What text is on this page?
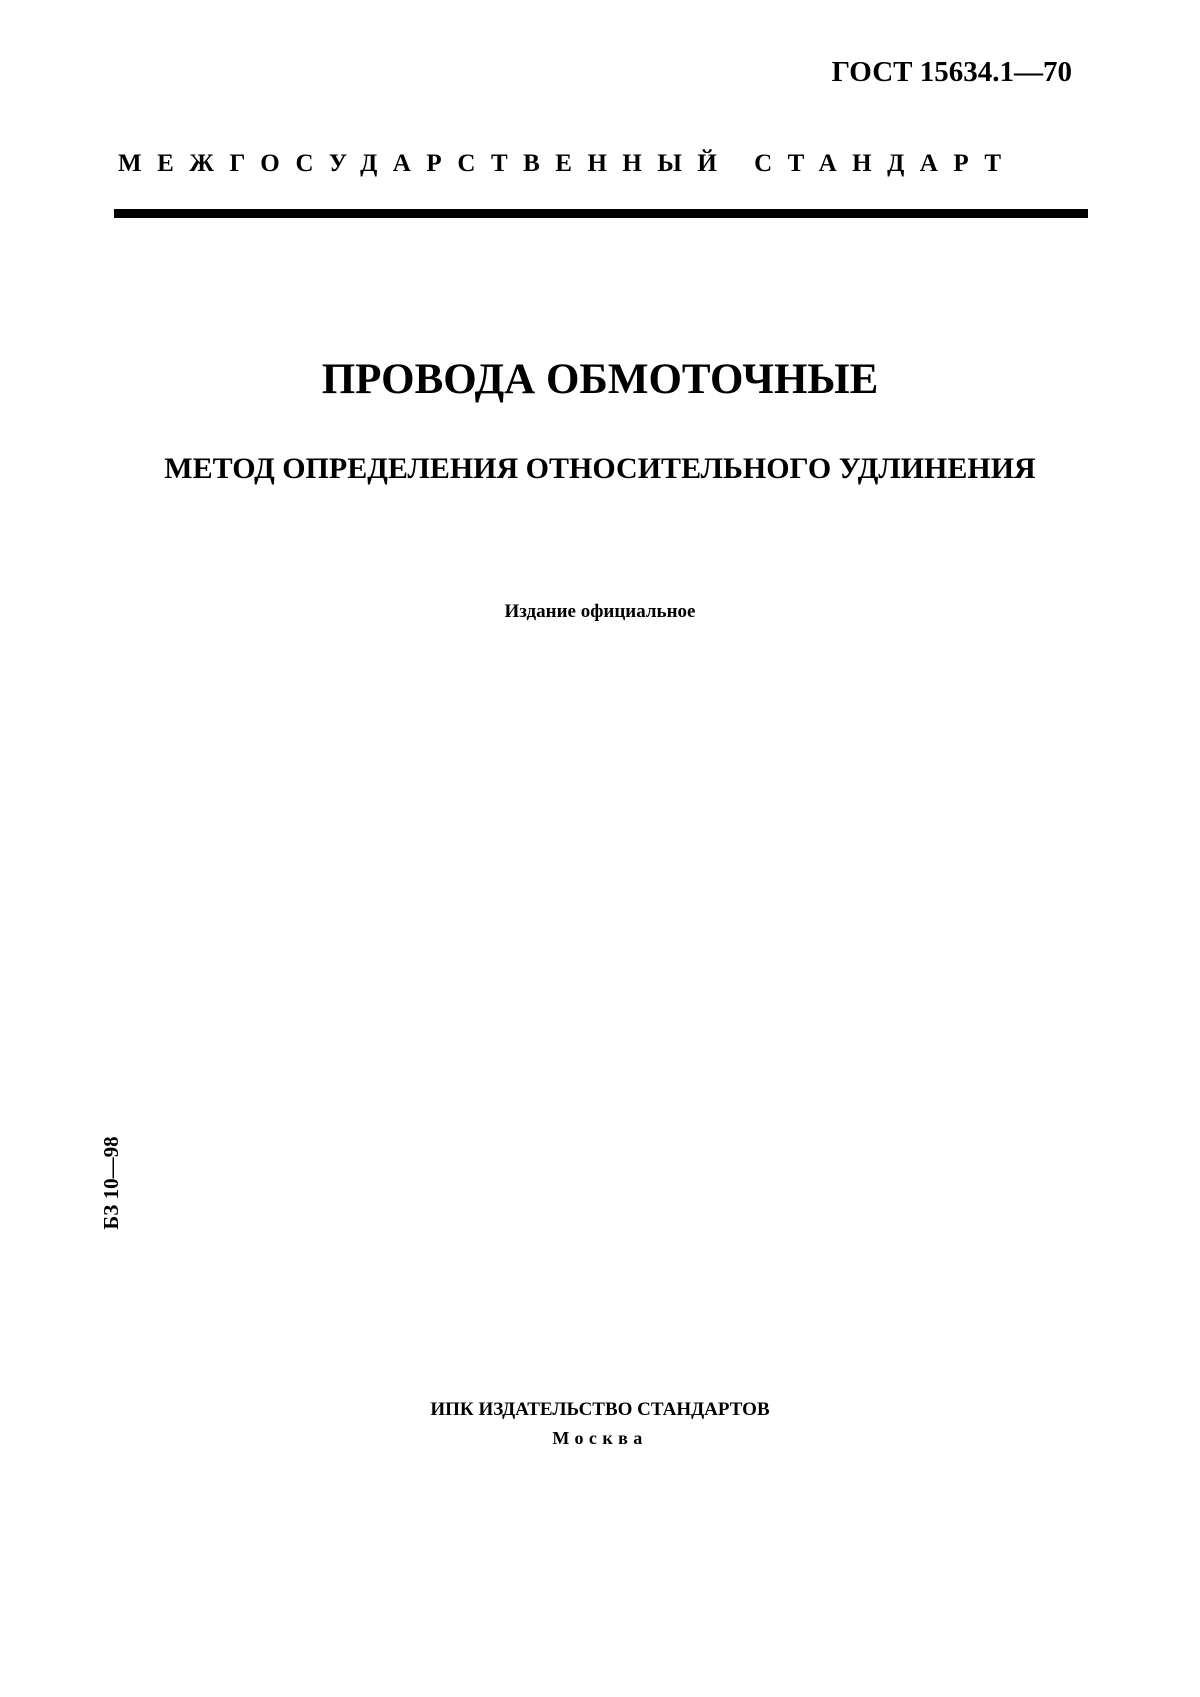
ГОСТ 15634.1—70
МЕЖГОСУДАРСТВЕННЫЙ СТАНДАРТ
ПРОВОДА ОБМОТОЧНЫЕ
МЕТОД ОПРЕДЕЛЕНИЯ ОТНОСИТЕЛЬНОГО УДЛИНЕНИЯ
Издание официальное
БЗ 10—98
ИПК ИЗДАТЕЛЬСТВО СТАНДАРТОВ
Москва
